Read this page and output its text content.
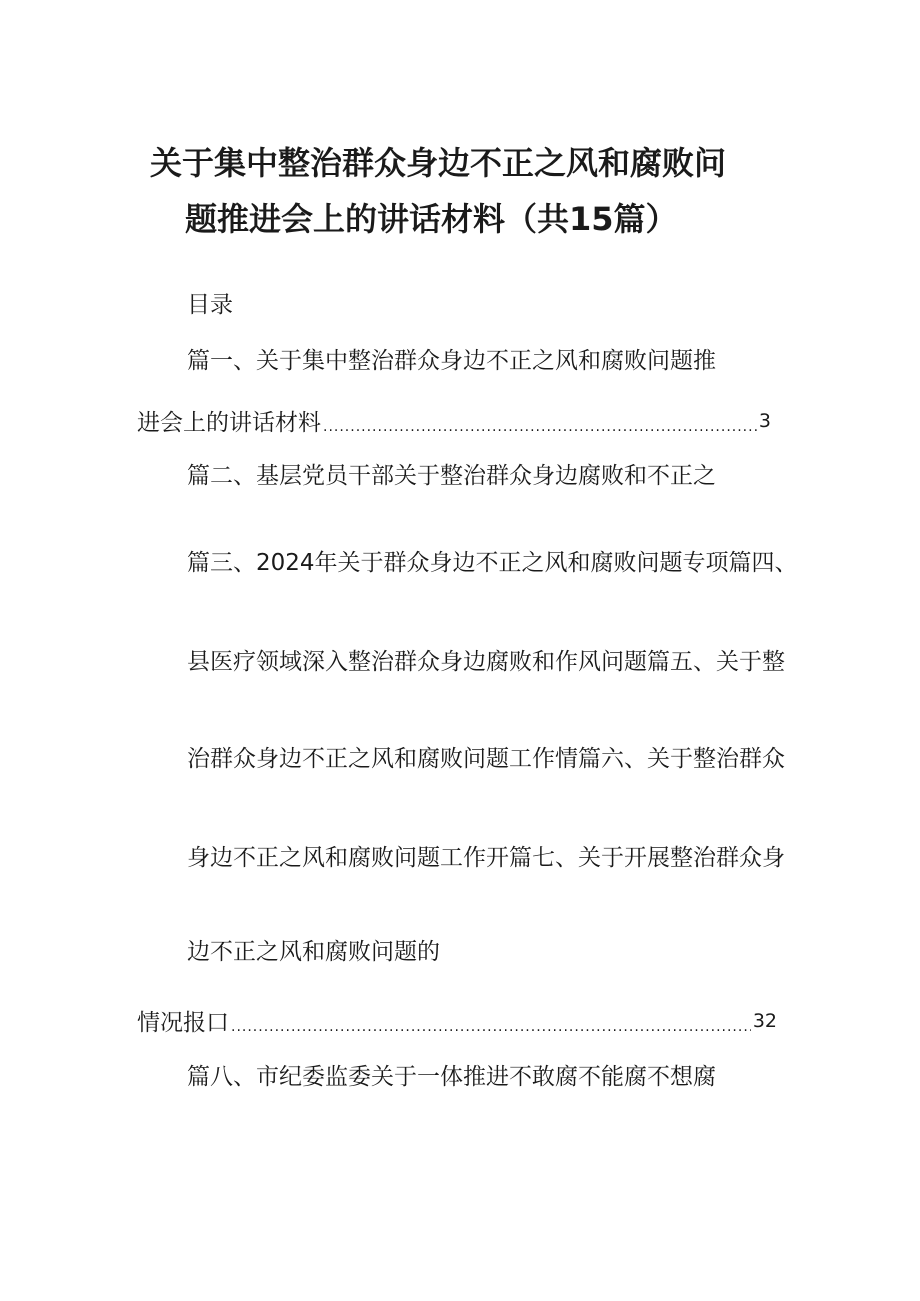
关于集中整治群众身边不正之风和腐败问
题推进会上的讲话材料（共15篇）
目录
篇一、关于集中整治群众身边不正之风和腐败问题推
进会上的讲话材料 .....	3
篇二、基层党员干部关于整治群众身边腐败和不正之
篇三、2024年关于群众身边不正之风和腐败问题专项篇四、
县医疗领域深入整治群众身边腐败和作风问题篇五、关于整
治群众身边不正之风和腐败问题工作情篇六、关于整治群众
身边不正之风和腐败问题工作开篇七、关于开展整治群众身
边不正之风和腐败问题的
情况报口 .....	32
篇八、市纪委监委关于一体推进不敢腐不能腐不想腐
